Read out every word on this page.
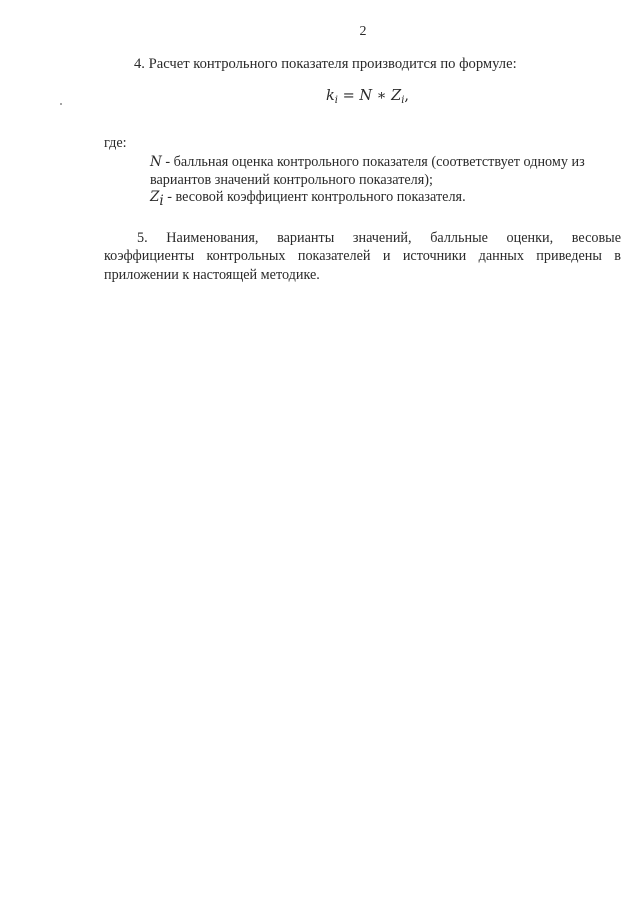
2
4. Расчет контрольного показателя производится по формуле:
$k_i = N$ ∗ $Z_i$,
где:
N - балльная оценка контрольного показателя (соответствует одному из
вариантов значений контрольного показателя);
$Z_i$ - весовой коэффициент контрольного показателя.
5. Наименования, варианты значений, балльные оценки, весовые
коэффициенты контрольных показателей и источники данных приведены в
приложении к настоящей методике.
